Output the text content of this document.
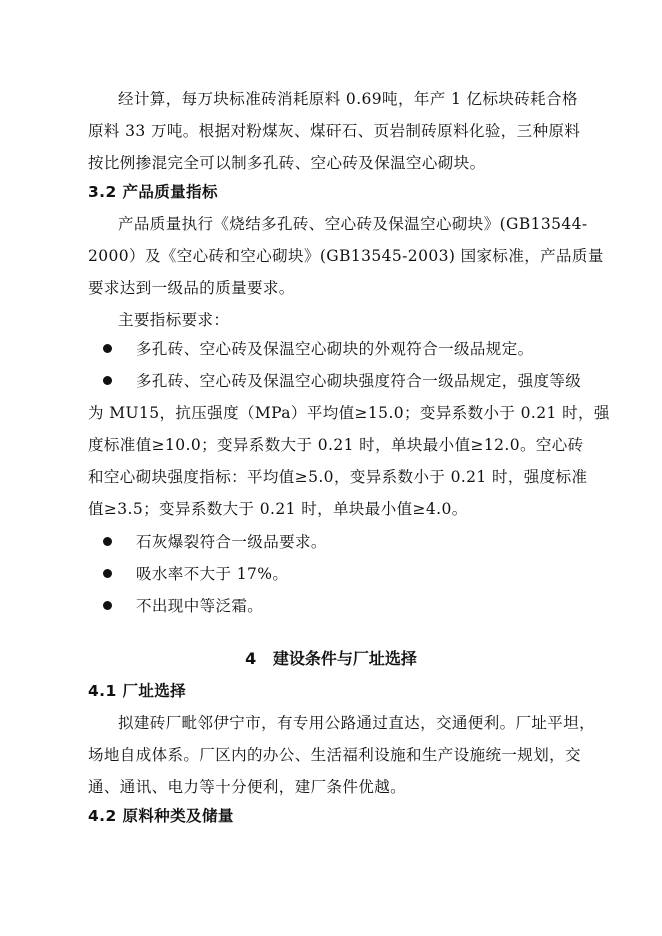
经计算，每万块标准砖消耗原料 0.69吨，年产 1 亿标块砖耗合格
原料 33 万吨。根据对粉煤灰、煤矸石、页岩制砖原料化验，三种原料
按比例掺混完全可以制多孔砖、空心砖及保温空心砌块。
3.2 产品质量指标
产品质量执行《烧结多孔砖、空心砖及保温空心砌块》(GB13544-
2000）及《空心砖和空心砌块》(GB13545-2003) 国家标准，产品质量
要求达到一级品的质量要求。
主要指标要求：
多孔砖、空心砖及保温空心砌块的外观符合一级品规定。
多孔砖、空心砖及保温空心砌块强度符合一级品规定，强度等级
为 MU15，抗压强度（MPa）平均值≥15.0；变异系数小于 0.21 时，强
度标准值≥10.0；变异系数大于 0.21 时，单块最小值≥12.0。空心砖
和空心砌块强度指标：平均值≥5.0，变异系数小于 0.21 时，强度标准
值≥3.5；变异系数大于 0.21 时，单块最小值≥4.0。
石灰爆裂符合一级品要求。
吸水率不大于 17%。
不出现中等泛霜。
4   建设条件与厂址选择
4.1 厂址选择
拟建砖厂毗邻伊宁市，有专用公路通过直达，交通便利。厂址平坦，
场地自成体系。厂区内的办公、生活福利设施和生产设施统一规划，交
通、通讯、电力等十分便利，建厂条件优越。
4.2 原料种类及储量
